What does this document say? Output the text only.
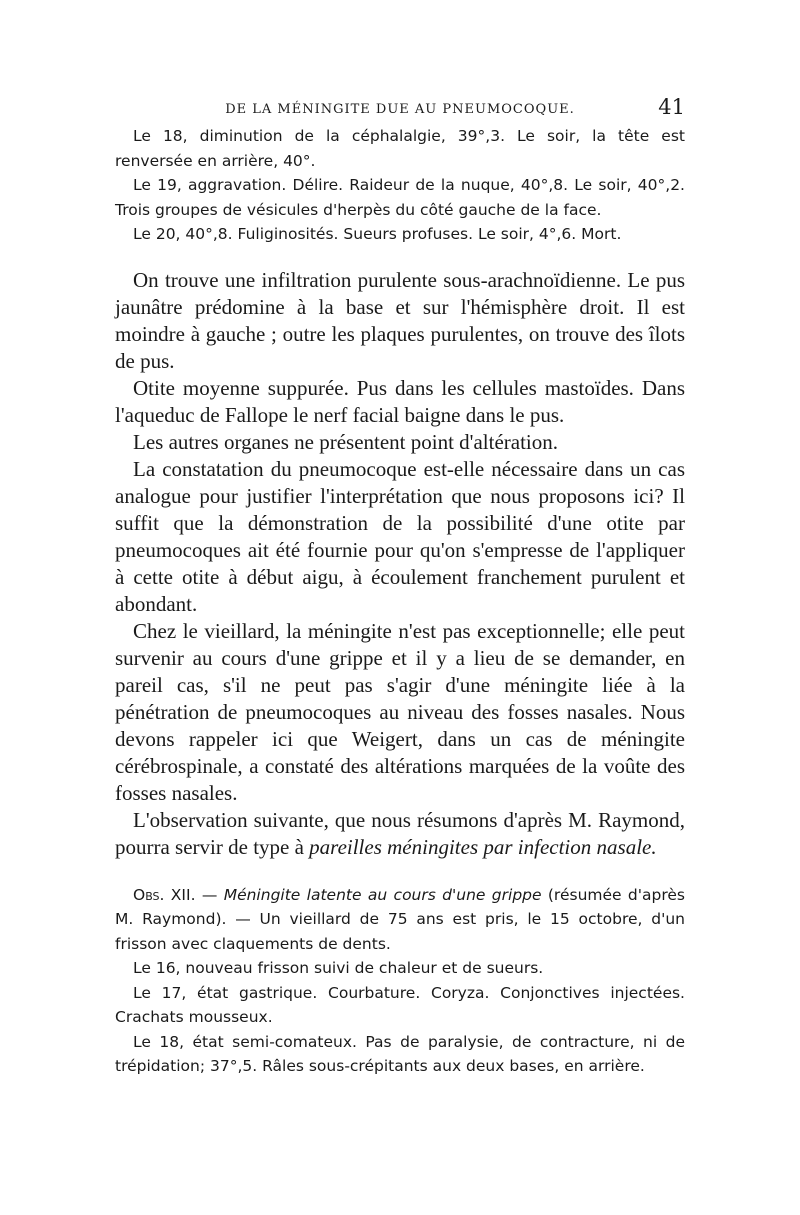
DE LA MÉNINGITE DUE AU PNEUMOCOQUE.	41

Le 18, diminution de la céphalalgie, 39°,3. Le soir, la tête est renversée en arrière, 40°.

Le 19, aggravation. Délire. Raideur de la nuque, 40°,8. Le soir, 40°,2. Trois groupes de vésicules d'herpès du côté gauche de la face.

Le 20, 40°,8. Fuliginosités. Sueurs profuses. Le soir, 4°,6. Mort.

On trouve une infiltration purulente sous-arachnoïdienne. Le pus jaunâtre prédomine à la base et sur l'hémisphère droit. Il est moindre à gauche ; outre les plaques purulentes, on trouve des îlots de pus.

Otite moyenne suppurée. Pus dans les cellules mastoïdes. Dans l'aqueduc de Fallope le nerf facial baigne dans le pus.

Les autres organes ne présentent point d'altération.

La constatation du pneumocoque est-elle nécessaire dans un cas analogue pour justifier l'interprétation que nous proposons ici? Il suffit que la démonstration de la possibilité d'une otite par pneumocoques ait été fournie pour qu'on s'empresse de l'appliquer à cette otite à début aigu, à écoulement franchement purulent et abondant.

Chez le vieillard, la méningite n'est pas exceptionnelle; elle peut survenir au cours d'une grippe et il y a lieu de se demander, en pareil cas, s'il ne peut pas s'agir d'une méningite liée à la pénétration de pneumocoques au niveau des fosses nasales. Nous devons rappeler ici que Weigert, dans un cas de méningite cérébrospinale, a constaté des altérations marquées de la voûte des fosses nasales.

L'observation suivante, que nous résumons d'après M. Raymond, pourra servir de type à pareilles méningites par infection nasale.

Obs. XII. — Méningite latente au cours d'une grippe (résumée d'après M. Raymond). — Un vieillard de 75 ans est pris, le 15 octobre, d'un frisson avec claquements de dents.

Le 16, nouveau frisson suivi de chaleur et de sueurs.

Le 17, état gastrique. Courbature. Coryza. Conjonctives injectées. Crachats mousseux.

Le 18, état semi-comateux. Pas de paralysie, de contracture, ni de trépidation; 37°,5. Râles sous-crépitants aux deux bases, en arrière.
